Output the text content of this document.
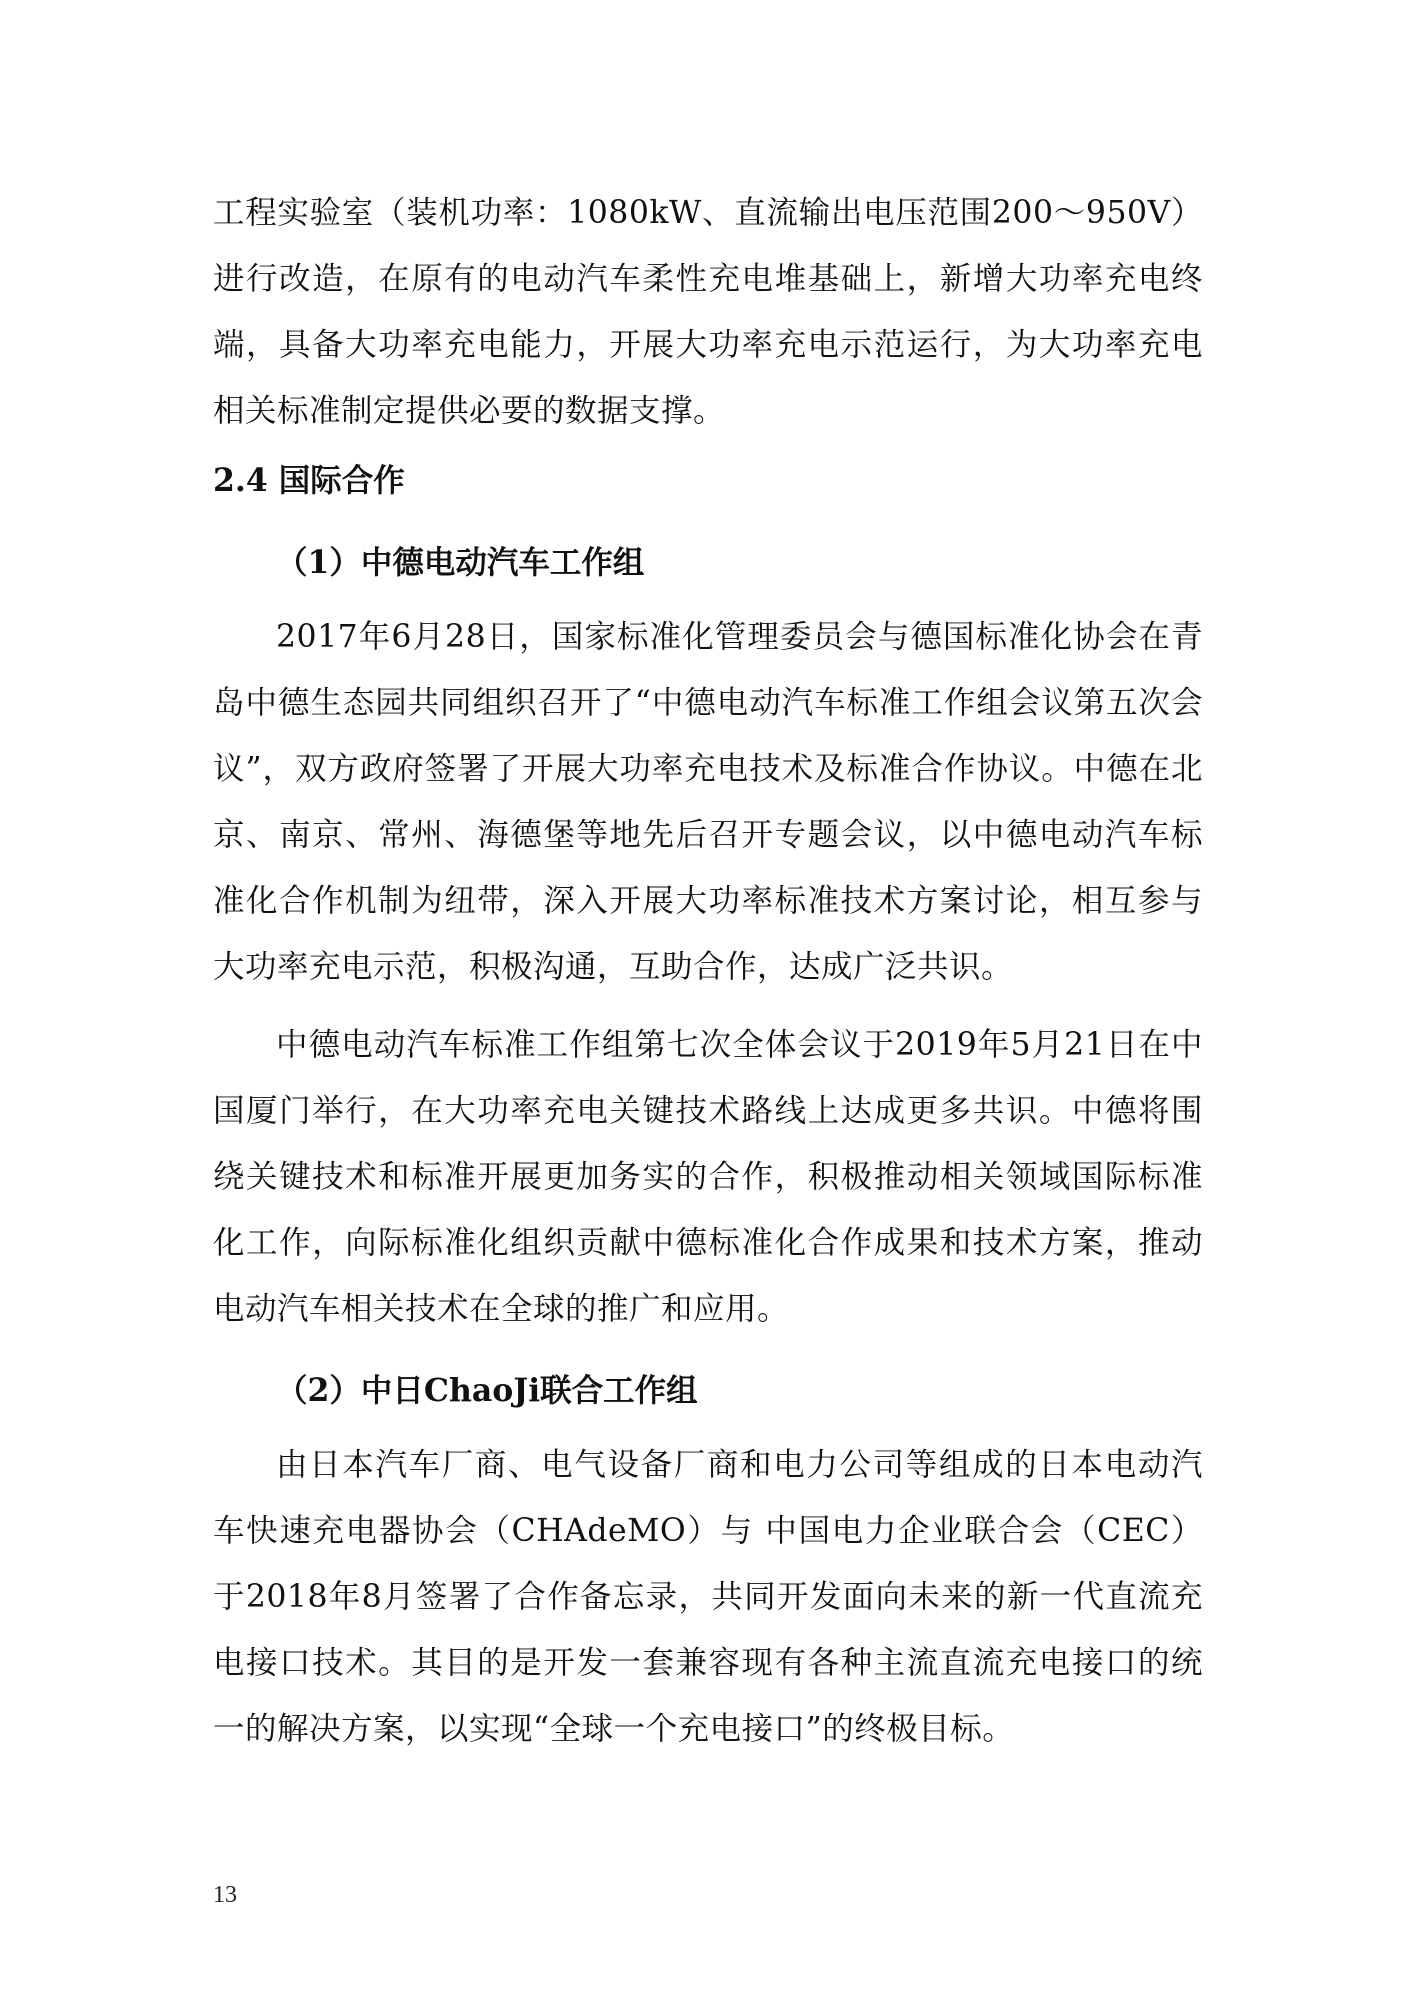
工程实验室（装机功率：1080kW、直流输出电压范围200～950V）进行改造，在原有的电动汽车柔性充电堆基础上，新增大功率充电终端，具备大功率充电能力，开展大功率充电示范运行，为大功率充电相关标准制定提供必要的数据支撑。

2.4 国际合作
（1）中德电动汽车工作组

2017年6月28日，国家标准化管理委员会与德国标准化协会在青岛中德生态园共同组织召开了“中德电动汽车标准工作组会议第五次会议”，双方政府签署了开展大功率充电技术及标准合作协议。中德在北京、南京、常州、海德堡等地先后召开专题会议，以中德电动汽车标准化合作机制为纽带，深入开展大功率标准技术方案讨论，相互参与大功率充电示范，积极沟通，互助合作，达成广泛共识。

中德电动汽车标准工作组第七次全体会议于2019年5月21日在中国厦门举行，在大功率充电关键技术路线上达成更多共识。中德将围绕关键技术和标准开展更加务实的合作，积极推动相关领域国际标准化工作，向际标准化组织贡献中德标准化合作成果和技术方案，推动电动汽车相关技术在全球的推广和应用。

（2）中日ChaoJi联合工作组

由日本汽车厂商、电气设备厂商和电力公司等组成的日本电动汽车快速充电器协会（CHAdeMO）与 中国电力企业联合会（CEC）于2018年8月签署了合作备忘录，共同开发面向未来的新一代直流充电接口技术。其目的是开发一套兼容现有各种主流直流充电接口的统一的解决方案，以实现“全球一个充电接口”的终极目标。

13
